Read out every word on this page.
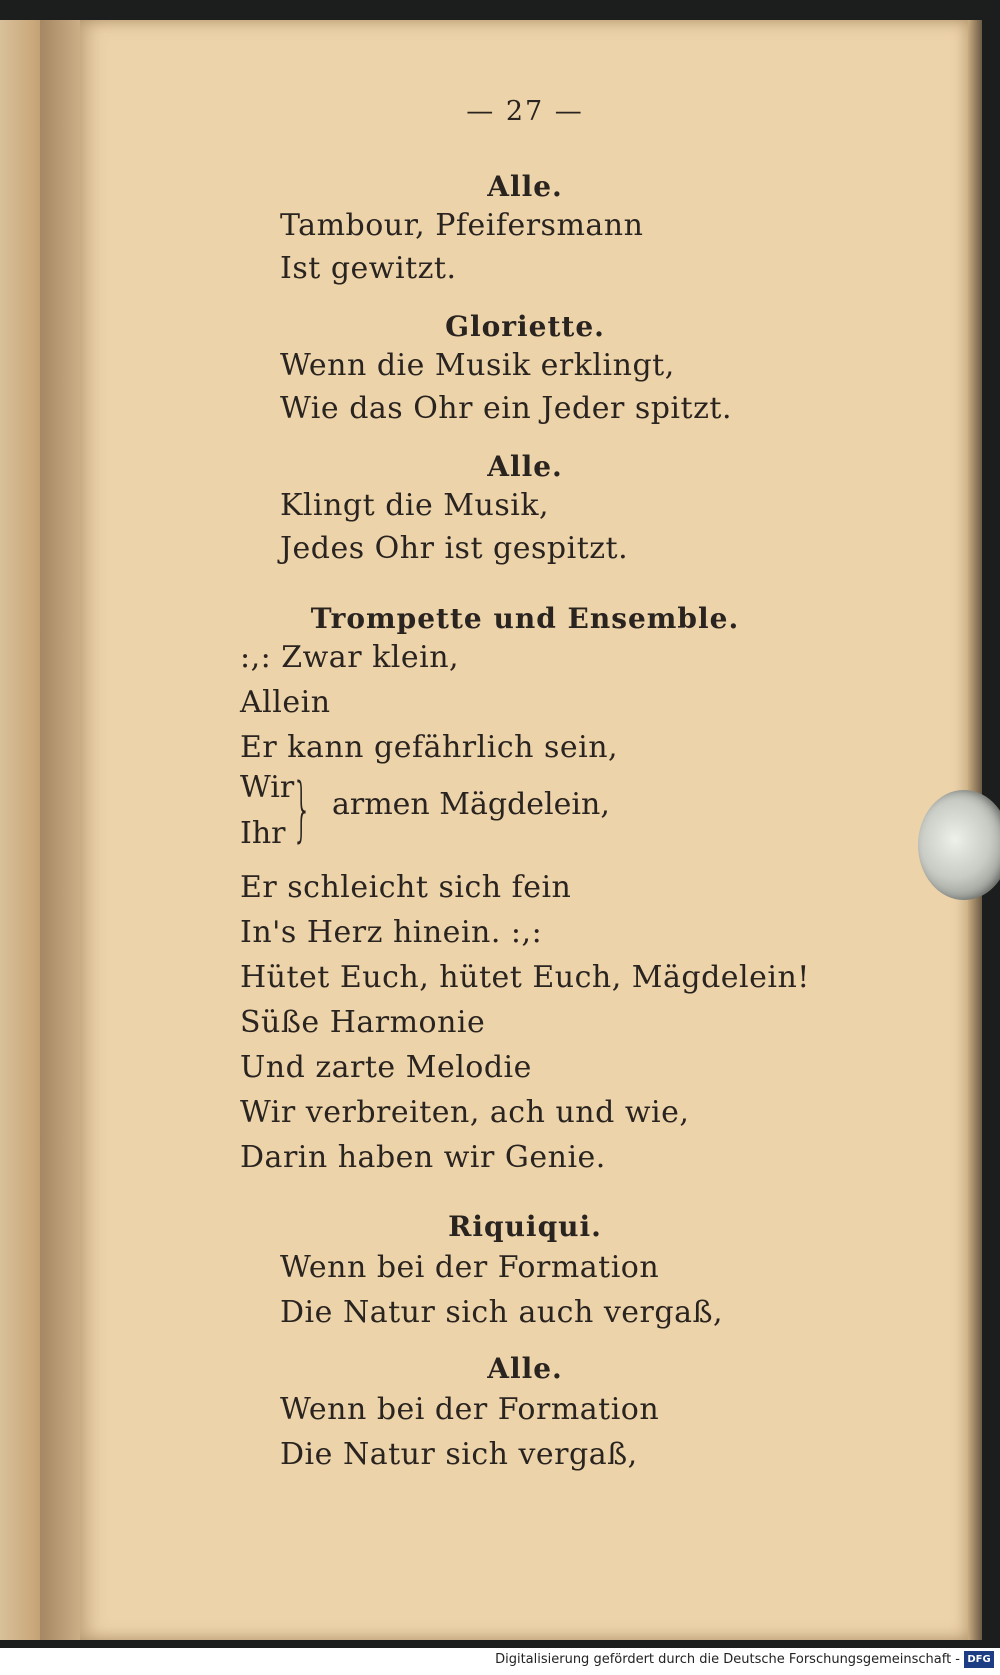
— 27 —
Alle.
Tambour, Pfeifersmann
Ist gewitzt.
Gloriette.
Wenn die Musik erklingt,
Wie das Ohr ein Jeder spitzt.
Alle.
Klingt die Musik,
Jedes Ohr ist gespitzt.
Trompette und Ensemble.
:,: Zwar klein,
Allein
Er kann gefährlich sein,
Wir
Ihr } armen Mägdelein,
Er schleicht sich fein
In's Herz hinein. :,:
Hütet Euch, hütet Euch, Mägdelein!
Süße Harmonie
Und zarte Melodie
Wir verbreiten, ach und wie,
Darin haben wir Genie.
Riquiqui.
Wenn bei der Formation
Die Natur sich auch vergaß,
Alle.
Wenn bei der Formation
Die Natur sich vergaß,
Digitalisierung gefördert durch die Deutsche Forschungsgemeinschaft - DFG
